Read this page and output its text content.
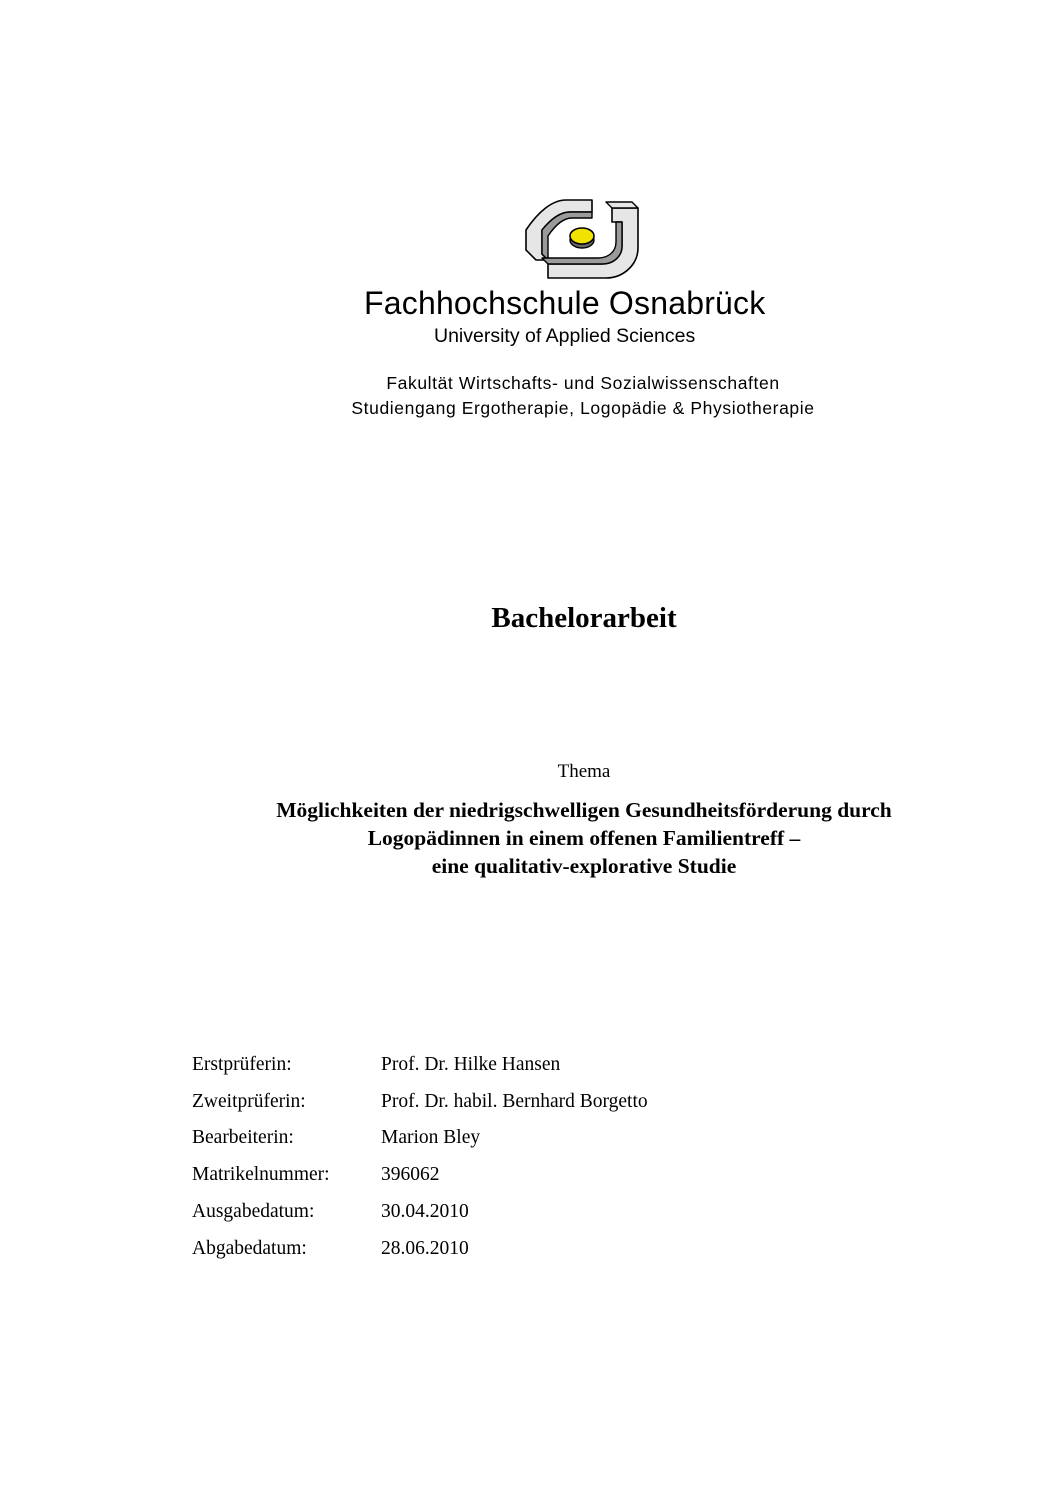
Fachhochschule Osnabrück
University of Applied Sciences
Fakultät Wirtschafts- und Sozialwissenschaften
Studiengang Ergotherapie, Logopädie & Physiotherapie
Bachelorarbeit
Thema
Möglichkeiten der niedrigschwelligen Gesundheitsförderung durch
Logopädinnen in einem offenen Familientreff –
eine qualitativ-explorative Studie
Erstprüferin:	Prof. Dr. Hilke Hansen
Zweitprüferin:	Prof. Dr. habil. Bernhard Borgetto
Bearbeiterin:	Marion Bley
Matrikelnummer:	396062
Ausgabedatum:	30.04.2010
Abgabedatum:	28.06.2010
